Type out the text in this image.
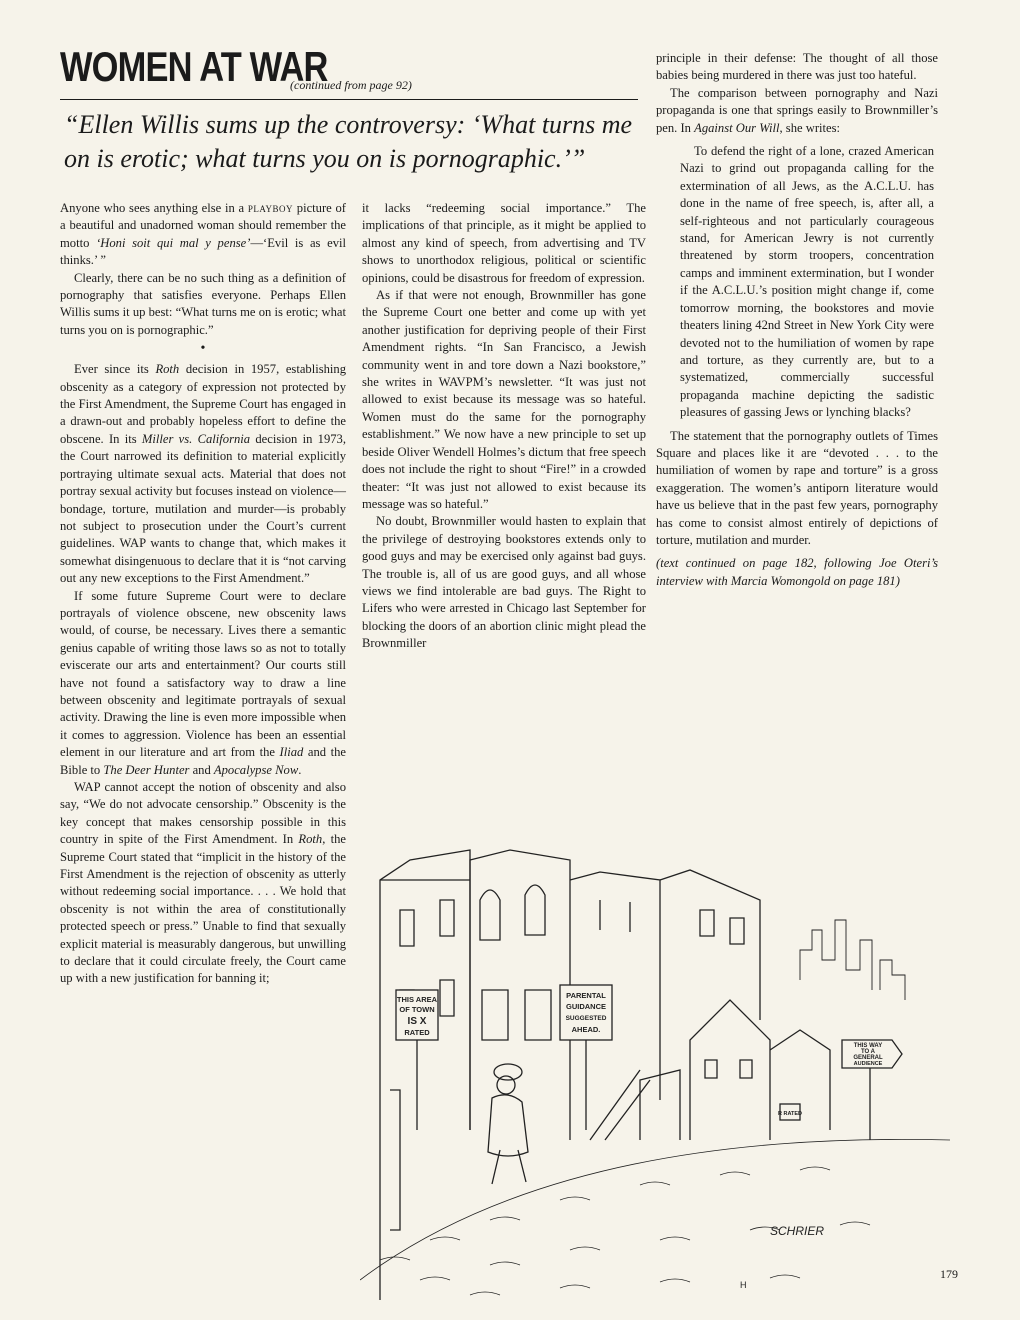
WOMEN AT WAR
(continued from page 92)
“Ellen Willis sums up the controversy: ‘What turns me on is erotic; what turns you on is pornographic.’”

Anyone who sees anything else in a playboy picture of a beautiful and unadorned woman should remember the motto ‘Honi soit qui mal y pense’—‘Evil is as evil thinks.’ ”

Clearly, there can be no such thing as a definition of pornography that satisfies everyone. Perhaps Ellen Willis sums it up best: “What turns me on is erotic; what turns you on is pornographic.”

•

Ever since its Roth decision in 1957, establishing obscenity as a category of expression not protected by the First Amendment, the Supreme Court has engaged in a drawn-out and probably hopeless effort to define the obscene. In its Miller vs. California decision in 1973, the Court narrowed its definition to material explicitly portraying ultimate sexual acts. Material that does not portray sexual activity but focuses instead on violence—bondage, torture, mutilation and murder—is probably not subject to prosecution under the Court’s current guidelines. WAP wants to change that, which makes it somewhat disingenuous to declare that it is “not carving out any new exceptions to the First Amendment.”

If some future Supreme Court were to declare portrayals of violence obscene, new obscenity laws would, of course, be necessary. Lives there a semantic genius capable of writing those laws so as not to totally eviscerate our arts and entertainment? Our courts still have not found a satisfactory way to draw a line between obscenity and legitimate portrayals of sexual activity. Drawing the line is even more impossible when it comes to aggression. Violence has been an essential element in our literature and art from the Iliad and the Bible to The Deer Hunter and Apocalypse Now.

WAP cannot accept the notion of obscenity and also say, “We do not advocate censorship.” Obscenity is the key concept that makes censorship possible in this country in spite of the First Amendment. In Roth, the Supreme Court stated that “implicit in the history of the First Amendment is the rejection of obscenity as utterly without redeeming social importance. . . . We hold that obscenity is not within the area of constitutionally protected speech or press.” Unable to find that sexually explicit material is measurably dangerous, but unwilling to declare that it could circulate freely, the Court came up with a new justification for banning it;

it lacks “redeeming social importance.” The implications of that principle, as it might be applied to almost any kind of speech, from advertising and TV shows to unorthodox religious, political or scientific opinions, could be disastrous for freedom of expression.

As if that were not enough, Brownmiller has gone the Supreme Court one better and come up with yet another justification for depriving people of their First Amendment rights. “In San Francisco, a Jewish community went in and tore down a Nazi bookstore,” she writes in WAVPM’s newsletter. “It was just not allowed to exist because its message was so hateful. Women must do the same for the pornography establishment.” We now have a new principle to set up beside Oliver Wendell Holmes’s dictum that free speech does not include the right to shout “Fire!” in a crowded theater: “It was just not allowed to exist because its message was so hateful.”

No doubt, Brownmiller would hasten to explain that the privilege of destroying bookstores extends only to good guys and may be exercised only against bad guys. The trouble is, all of us are good guys, and all whose views we find intolerable are bad guys. The Right to Lifers who were arrested in Chicago last September for blocking the doors of an abortion clinic might plead the Brownmiller

principle in their defense: The thought of all those babies being murdered in there was just too hateful.

The comparison between pornography and Nazi propaganda is one that springs easily to Brownmiller’s pen. In Against Our Will, she writes:

To defend the right of a lone, crazed American Nazi to grind out propaganda calling for the extermination of all Jews, as the A.C.L.U. has done in the name of free speech, is, after all, a self-righteous and not particularly courageous stand, for American Jewry is not currently threatened by storm troopers, concentration camps and imminent extermination, but I wonder if the A.C.L.U.’s position might change if, come tomorrow morning, the bookstores and movie theaters lining 42nd Street in New York City were devoted not to the humiliation of women by rape and torture, as they currently are, but to a systematized, commercially successful propaganda machine depicting the sadistic pleasures of gassing Jews or lynching blacks?

The statement that the pornography outlets of Times Square and places like it are “devoted . . . to the humiliation of women by rape and torture” is a gross exaggeration. The women’s antiporn literature would have us believe that in the past few years, pornography has come to consist almost entirely of depictions of torture, mutilation and murder.

(text continued on page 182, following Joe Oteri’s interview with Marcia Womongold on page 181)

THIS AREA
OF TOWN
IS X
RATED
PARENTAL
GUIDANCE
SUGGESTED
AHEAD.
THIS WAY
TO A
GENERAL
AUDIENCE
R RATED
SCHRIER
H
179
